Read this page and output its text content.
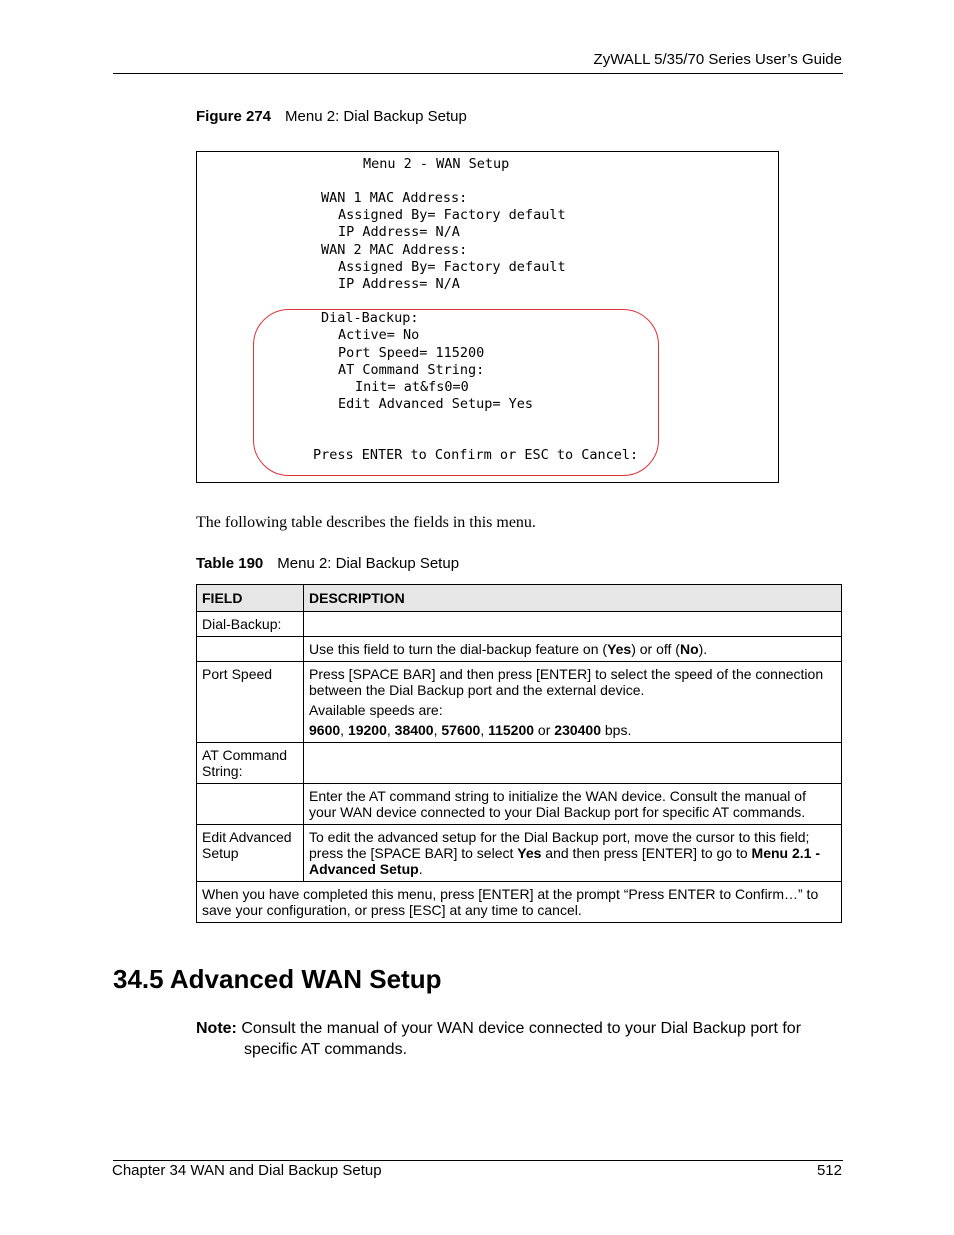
ZyWALL 5/35/70 Series User’s Guide
Figure 274 Menu 2: Dial Backup Setup
Menu 2 - WAN Setup
WAN 1 MAC Address:
Assigned By= Factory default
IP Address= N/A
WAN 2 MAC Address:
Assigned By= Factory default
IP Address= N/A
Dial-Backup:
Active= No
Port Speed= 115200
AT Command String:
Init= at&fs0=0
Edit Advanced Setup= Yes
Press ENTER to Confirm or ESC to Cancel:
The following table describes the fields in this menu.
Table 190 Menu 2: Dial Backup Setup
FIELD	DESCRIPTION
Dial-Backup:	
	Use this field to turn the dial-backup feature on (Yes) or off (No).
Port Speed	Press [SPACE BAR] and then press [ENTER] to select the speed of the connection between the Dial Backup port and the external device.
Available speeds are:
9600, 19200, 38400, 57600, 115200 or 230400 bps.

AT Command String:	
	Enter the AT command string to initialize the WAN device. Consult the manual of your WAN device connected to your Dial Backup port for specific AT commands.
Edit Advanced Setup	To edit the advanced setup for the Dial Backup port, move the cursor to this field; press the [SPACE BAR] to select Yes and then press [ENTER] to go to Menu 2.1 - Advanced Setup.
When you have completed this menu, press [ENTER] at the prompt “Press ENTER to Confirm…” to save your configuration, or press [ESC] at any time to cancel.	
34.5 Advanced WAN Setup
Note: Consult the manual of your WAN device connected to your Dial Backup port for
specific AT commands.
Chapter 34 WAN and Dial Backup Setup	512
